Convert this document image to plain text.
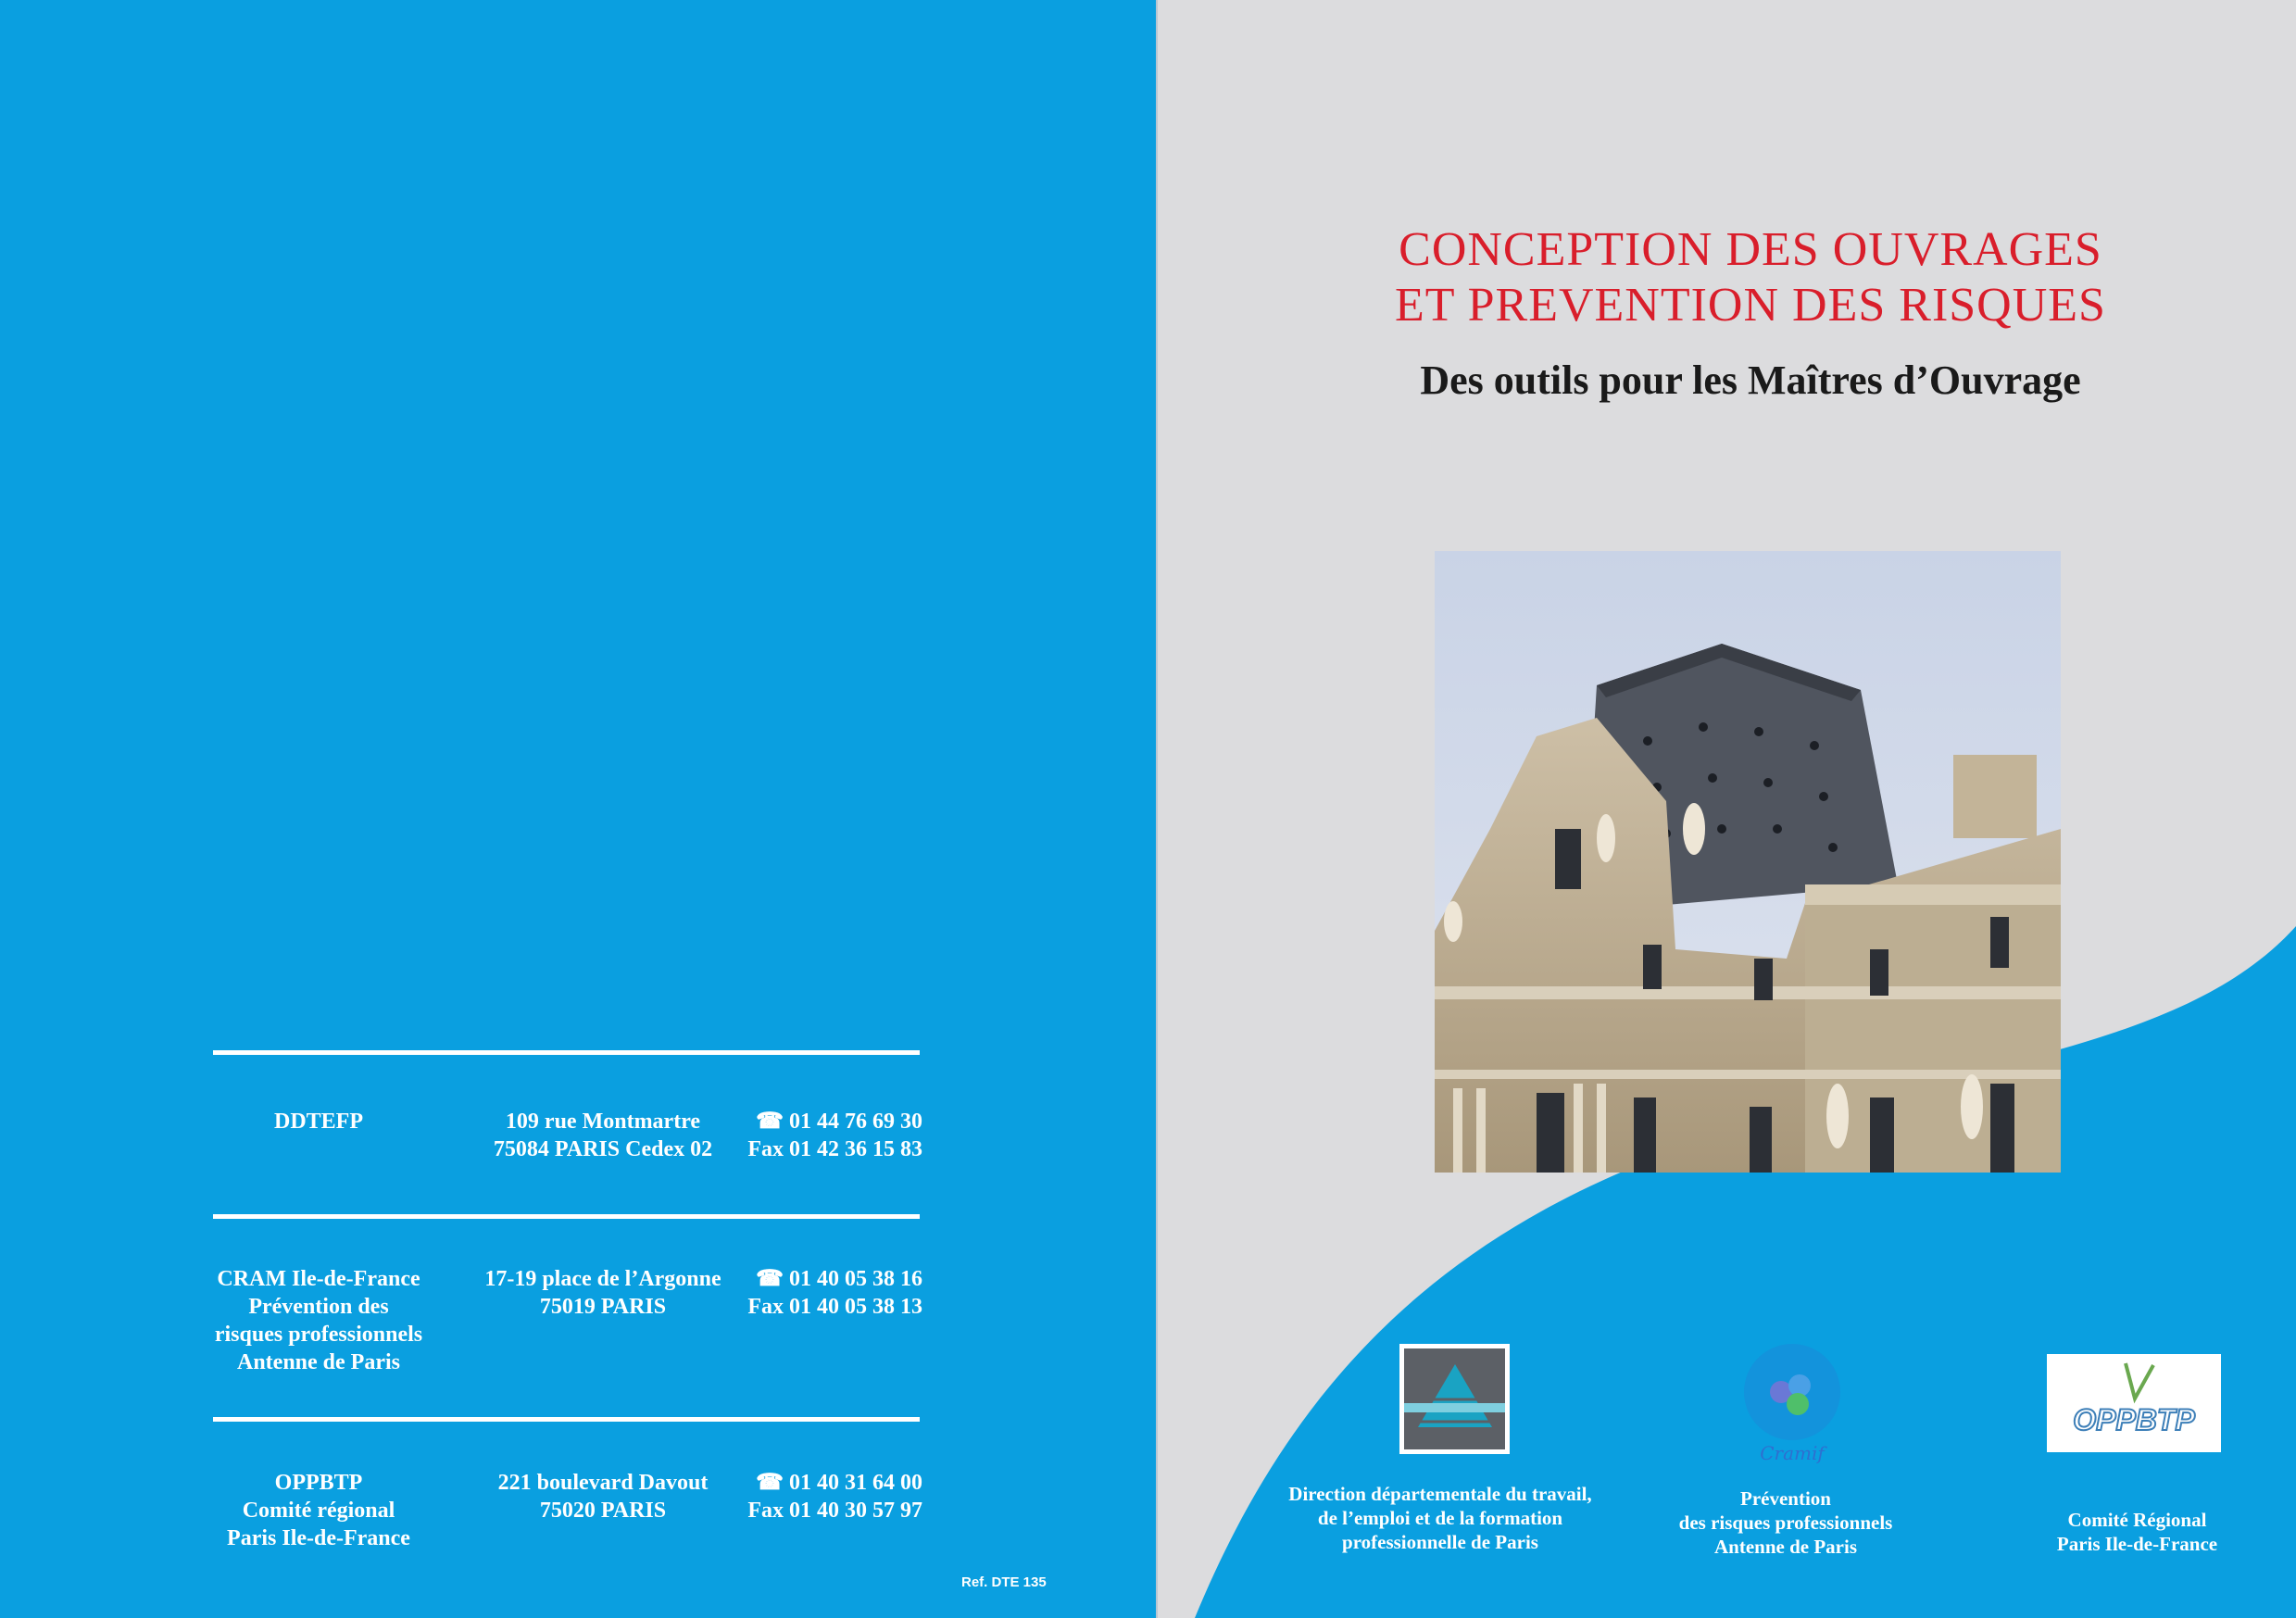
DDTEFP	109 rue Montmartre
75084 PARIS Cedex 02
☎ 01 44 76 69 30
Fax 01 42 36 15 83
CRAM Ile-de-France
Prévention des
risques professionnels
Antenne de Paris
17-19 place de l’Argonne
75019 PARIS
☎ 01 40 05 38 16
Fax 01 40 05 38 13
OPPBTP
Comité régional
Paris Ile-de-France
221 boulevard Davout
75020 PARIS
☎ 01 40 31 64 00
Fax 01 40 30 57 97
Ref. DTE 135
CONCEPTION DES OUVRAGES
ET PREVENTION DES RISQUES
Des outils pour les Maîtres d’Ouvrage
Cramif
OPPBTP
Direction départementale du travail,
de l’emploi et de la formation
professionnelle de Paris
Prévention
des risques professionnels
Antenne de Paris
Comité Régional
Paris Ile-de-France
